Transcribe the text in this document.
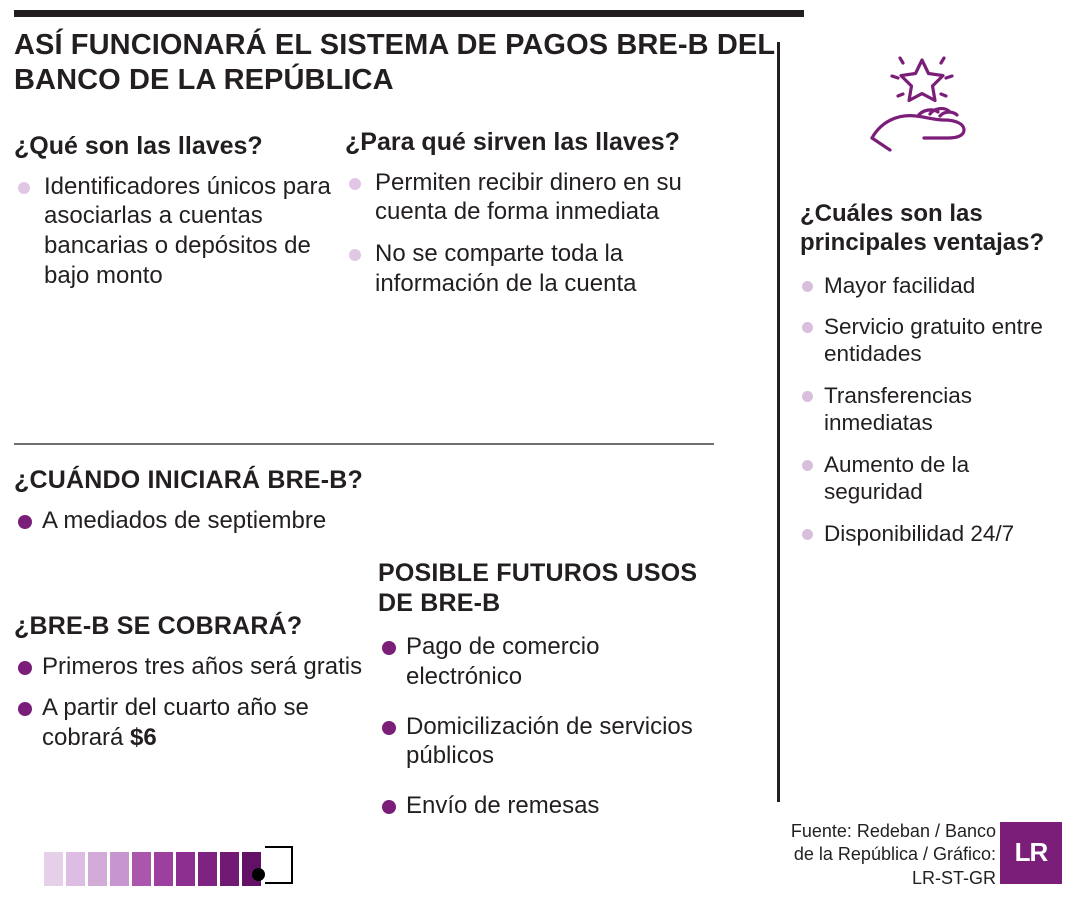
ASÍ FUNCIONARÁ EL SISTEMA DE PAGOS BRE-B DEL BANCO DE LA REPÚBLICA
¿Qué son las llaves?
Identificadores únicos para asociarlas a cuentas bancarias o depósitos de bajo monto
¿Para qué sirven las llaves?
Permiten recibir dinero en su cuenta de forma inmediata
No se comparte toda la información de la cuenta
¿CUÁNDO INICIARÁ BRE-B?
A mediados de septiembre
¿BRE-B SE COBRARÁ?
Primeros tres años será gratis
A partir del cuarto año se cobrará $6
POSIBLE FUTUROS USOS DE BRE-B
Pago de comercio electrónico
Domicilización de servicios públicos
Envío de remesas
¿Cuáles son las principales ventajas?
Mayor facilidad
Servicio gratuito entre entidades
Transferencias inmediatas
Aumento de la seguridad
Disponibilidad 24/7
Fuente: Redeban / Banco
de la República / Gráfico:
LR-ST-GR
LR
